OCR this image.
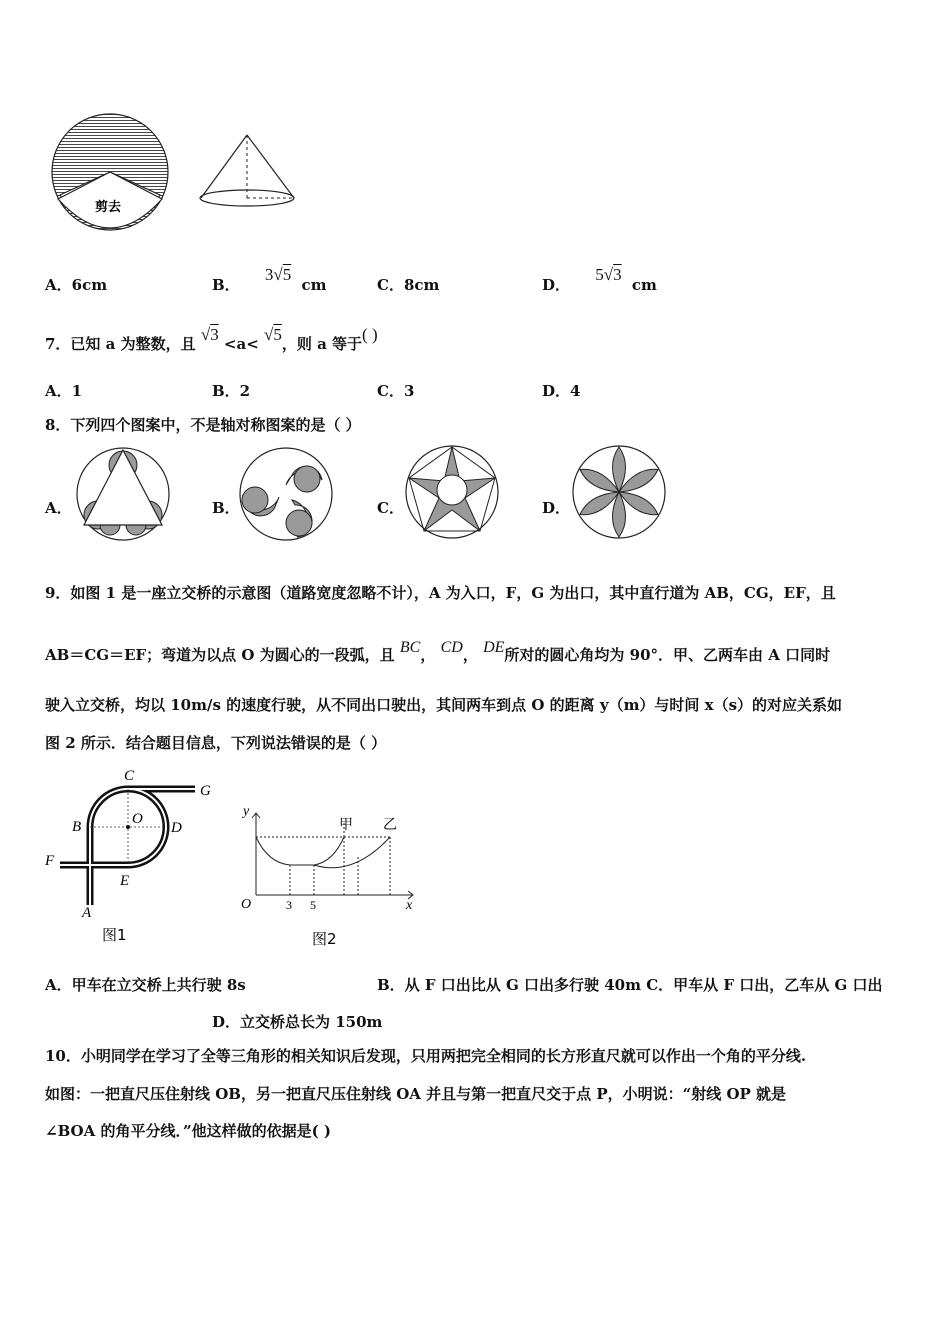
剪去
A．6cm	B． 3√5 cm	C．8cm	D． 5√3 cm
7．已知 a 为整数，且 √3 <a< √5，则 a 等于( )
A．1	B．2	C．3	D．4
8．下列四个图案中，不是轴对称图案的是（ ）
A．	B．	C．	D．
9．如图 1 是一座立交桥的示意图（道路宽度忽略不计），A 为入口，F，G 为出口，其中直行道为 AB，CG，EF，且
AB＝CG＝EF；弯道为以点 O 为圆心的一段弧，且 BC， CD， DE所对的圆心角均为 90°．甲、乙两车由 A 口同时
驶入立交桥，均以 10m/s 的速度行驶，从不同出口驶出，其间两车到点 O 的距离 y（m）与时间 x（s）的对应关系如
图 2 所示．结合题目信息，下列说法错误的是（ ）
C
G
B	O
D
F
E
A
图1
y
甲 乙
O	3 5	x
图2
A．甲车在立交桥上共行驶 8s	B．从 F 口出比从 G 口出多行驶 40m C．甲车从 F 口出，乙车从 G 口出
D．立交桥总长为 150m
10．小明同学在学习了全等三角形的相关知识后发现，只用两把完全相同的长方形直尺就可以作出一个角的平分线.
如图：一把直尺压住射线 OB，另一把直尺压住射线 OA 并且与第一把直尺交于点 P，小明说：“射线 OP 就是
∠BOA 的角平分线．”他这样做的依据是( )
